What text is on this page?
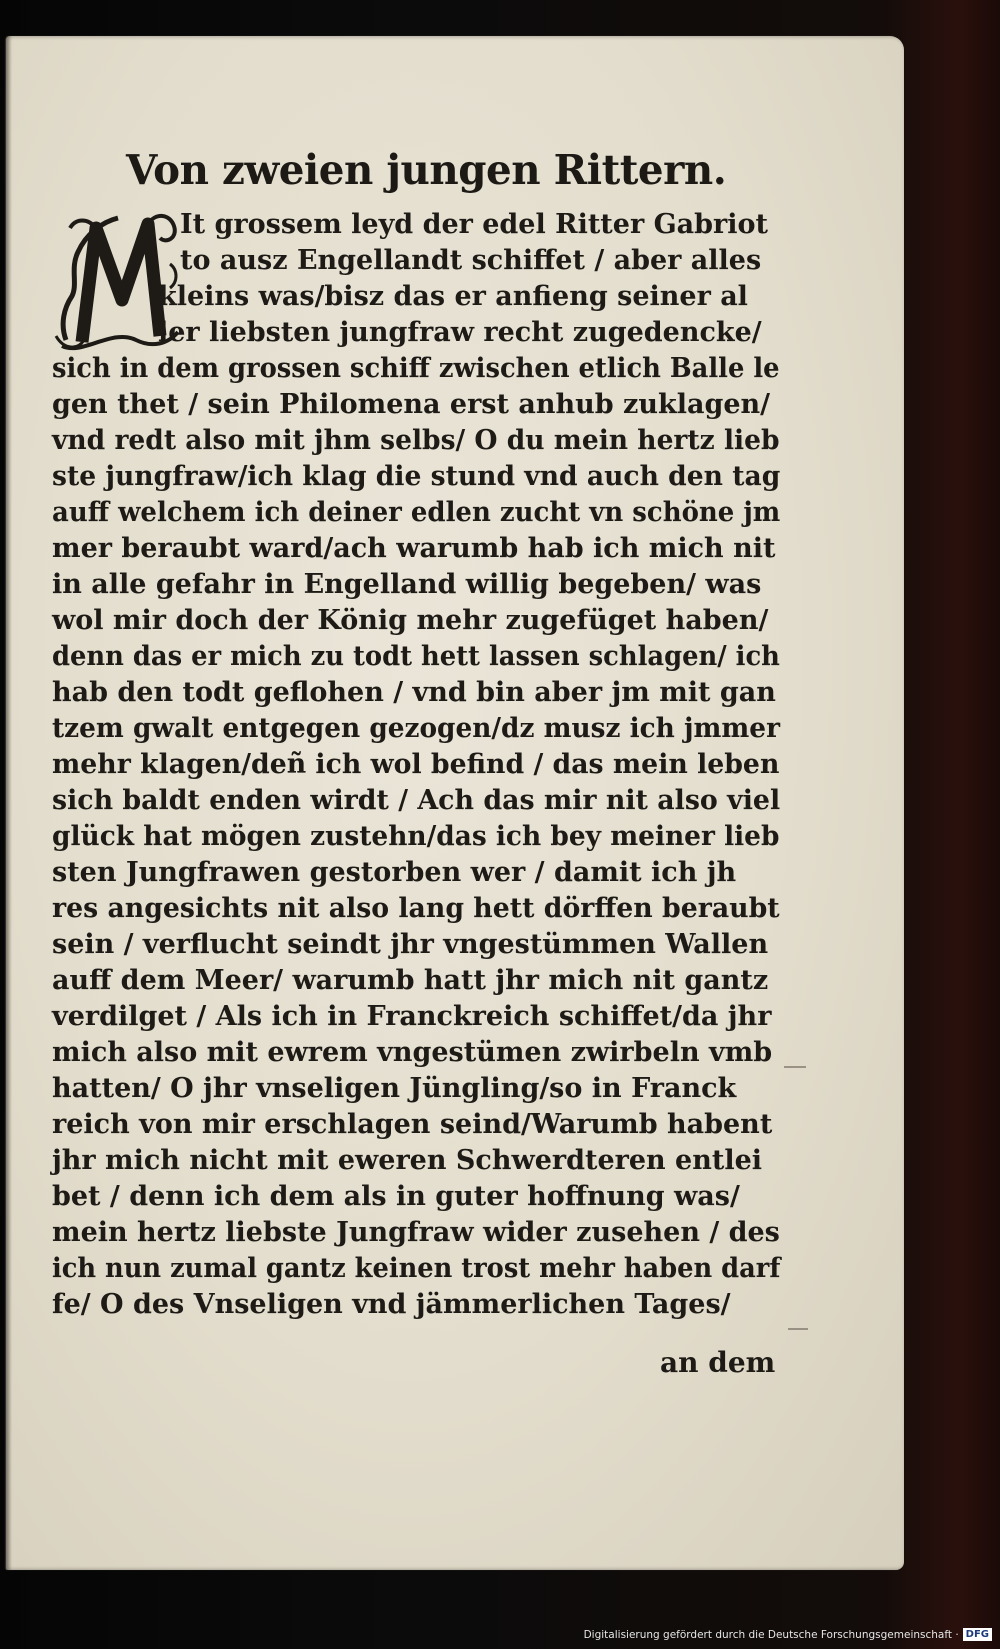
Von zweien jungen Rittern.
It grossem leyd der edel Ritter Gabriot
to ausz Engellandt schiffet / aber alles
kleins was/bisz das er anfieng seiner al
ler liebsten jungfraw recht zugedencke/
sich in dem grossen schiff zwischen etlich Balle le
gen thet / sein Philomena erst anhub zuklagen/
vnd redt also mit jhm selbs/ O du mein hertz lieb
ste jungfraw/ich klag die stund vnd auch den tag
auff welchem ich deiner edlen zucht vn schöne jm
mer beraubt ward/ach warumb hab ich mich nit
in alle gefahr in Engelland willig begeben/ was
wol mir doch der König mehr zugefüget haben/
denn das er mich zu todt hett lassen schlagen/ ich
hab den todt geflohen / vnd bin aber jm mit gan
tzem gwalt entgegen gezogen/dz musz ich jmmer
mehr klagen/deñ ich wol befind / das mein leben
sich baldt enden wirdt / Ach das mir nit also viel
glück hat mögen zustehn/das ich bey meiner lieb
sten Jungfrawen gestorben wer / damit ich jh
res angesichts nit also lang hett dörffen beraubt
sein / verflucht seindt jhr vngestümmen Wallen
auff dem Meer/ warumb hatt jhr mich nit gantz
verdilget / Als ich in Franckreich schiffet/da jhr
mich also mit ewrem vngestümen zwirbeln vmb
hatten/ O jhr vnseligen Jüngling/so in Franck
reich von mir erschlagen seind/Warumb habent
jhr mich nicht mit eweren Schwerdteren entlei
bet / denn ich dem als in guter hoffnung was/
mein hertz liebste Jungfraw wider zusehen / des
ich nun zumal gantz keinen trost mehr haben darf
fe/ O des Vnseligen vnd jämmerlichen Tages/
an dem
Digitalisierung gefördert durch die Deutsche Forschungsgemeinschaft · DFG
